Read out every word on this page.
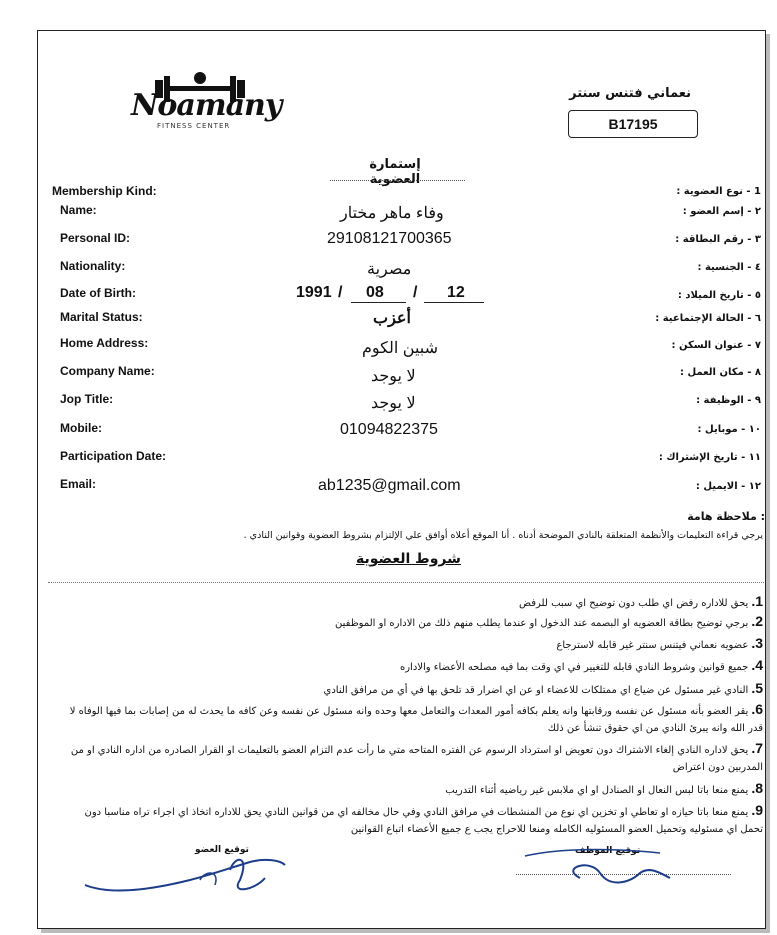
Noamany
FITNESS CENTER
نعماني فتنس سنتر
B17195
إستمارة العضوية
Membership Kind:	1 - نوع العضوية :
Name:	٢ - إسم العضو :
وفاء ماهر مختار
Personal ID:	٣ - رقم البطاقة :
29108121700365
Nationality:	٤ - الجنسية :
مصرية
Date of Birth:	٥ - تاريخ الميلاد :
1991 / 08 / 12
Marital Status:	٦ - الحالة الإجتماعية :
أعزب
Home Address:	٧ - عنوان السكن :
شبين الكوم
Company Name:	٨ - مكان العمل :
لا يوجد
Jop Title:	٩ - الوظيفة :
لا يوجد
Mobile:	١٠ - موبايل :
01094822375
Participation Date:	١١ - تاريخ الإشتراك :
Email:	١٢ - الايميل :
ab1235@gmail.com
ملاحظة هامة :
يرجي قراءة التعليمات والأنظمة المتعلقة بالنادي الموضحة أدناه . أنا الموقع أعلاه أوافق علي الإلتزام بشروط العضوية وقوانين النادي .
شروط العضوية
1.يحق للاداره رفض اي طلب دون توضيح اي سبب للرفض
2.برجي توضيح بطاقة العضويه او البصمه عند الدخول او عندما يطلب منهم ذلك من الاداره او الموظفين
3.عضويه نعماني فيتنس سنتر غير قابله لاسترجاع
4.جميع قوانين وشروط النادي قابله للتغيير في اي وقت بما فيه مصلحه الأعضاء والاداره
5.النادي غير مسئول عن ضياع اي ممتلكات للاعضاء او عن اي اضرار قد تلحق بها في أي من مرافق النادي
6.يقر العضو بأنه مسئول عن نفسه ورقابتها وانه يعلم بكافه أمور المعدات والتعامل معها وحده وانه مسئول عن نفسه وعن كافه ما يحدث له من إصابات بما فيها الوفاه لا قدر الله وانه يبرئ النادي من اي حقوق تنشأ عن ذلك
7.يحق لاداره النادي إلغاء الاشتراك دون تعويض او استرداد الرسوم عن الفتره المتاحه متي ما رأت عدم التزام العضو بالتعليمات او القرار الصادره من اداره النادي او من المدربين دون اعتراض
8.يمنع منعا باتا لبس النعال او الصنادل او اي ملابس غير رياضيه أثناء التدريب
9.يمنع منعا باتا حيازه او تعاطي او تخزين اي نوع من المنشطات في مرافق النادي وفي حال مخالفه اي من قوانين النادي يحق للاداره اتخاذ اي اجراء تراه مناسبا دون تحمل اي مسئوليه وتحميل العضو المسئوليه الكامله ومنعا للاحراج يجب ع جميع الأعضاء اتباع القوانين
توقيع العضو	توقيع الموظف
